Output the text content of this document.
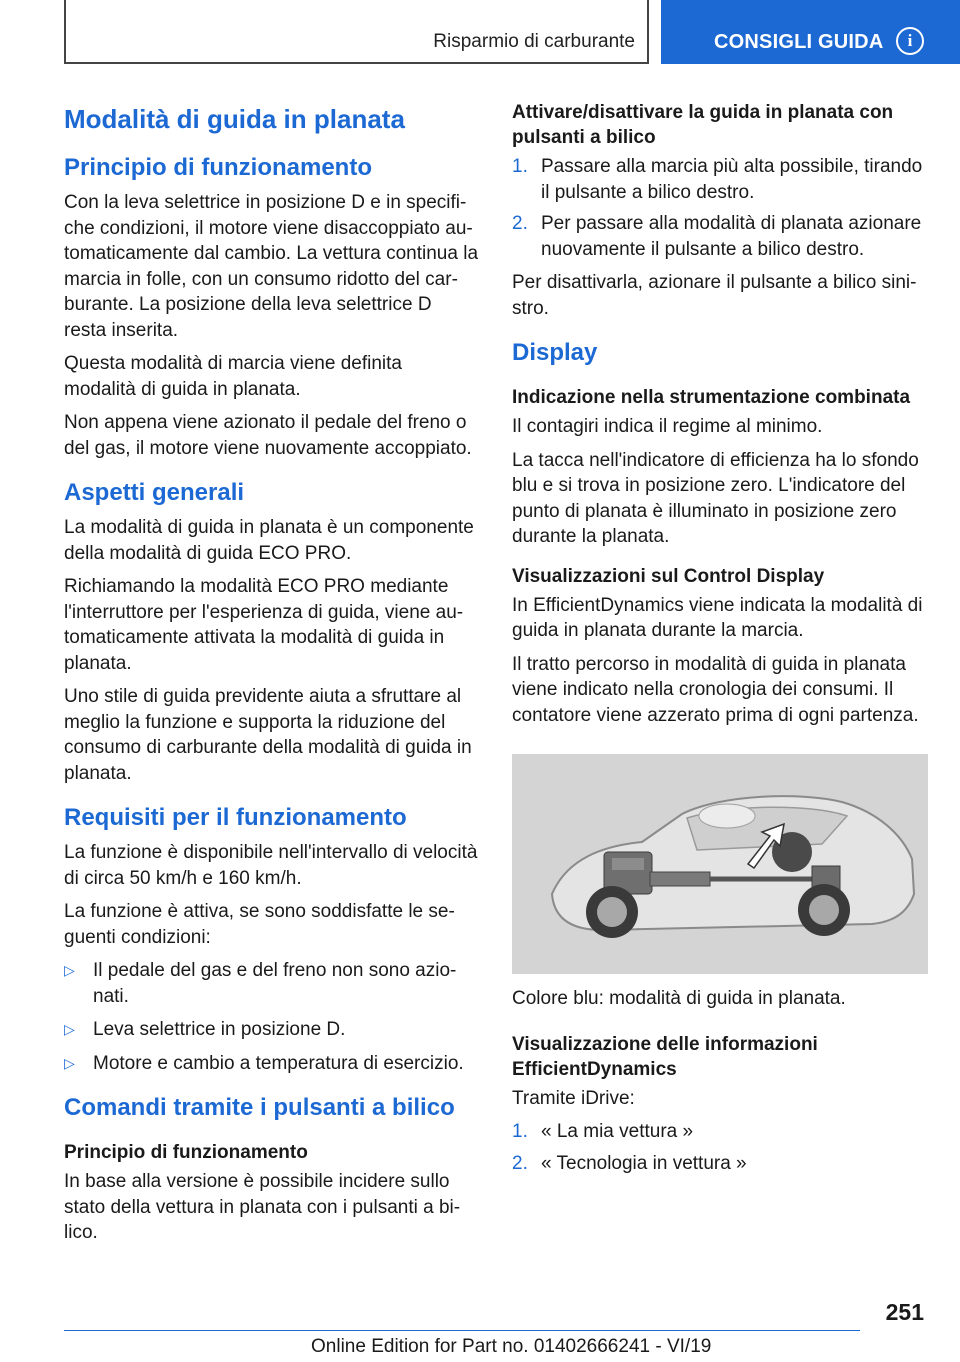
Risparmio di carburante	CONSIGLI GUIDA	i
Modalità di guida in planata
Principio di funzionamento

Con la leva selettrice in posizione D e in specifiche condizioni, il motore viene disaccoppiato automaticamente dal cambio. La vettura continua la marcia in folle, con un consumo ridotto del carburante. La posizione della leva selettrice D resta inserita.

Questa modalità di marcia viene definita modalità di guida in planata.

Non appena viene azionato il pedale del freno o del gas, il motore viene nuovamente accoppiato.

Aspetti generali

La modalità di guida in planata è un componente della modalità di guida ECO PRO.

Richiamando la modalità ECO PRO mediante l'interruttore per l'esperienza di guida, viene automaticamente attivata la modalità di guida in planata.

Uno stile di guida previdente aiuta a sfruttare al meglio la funzione e supporta la riduzione del consumo di carburante della modalità di guida in planata.

Requisiti per il funzionamento

La funzione è disponibile nell'intervallo di velocità di circa 50 km/h e 160 km/h.

La funzione è attiva, se sono soddisfatte le seguenti condizioni:

▷ Il pedale del gas e del freno non sono azionati.
▷ Leva selettrice in posizione D.
▷ Motore e cambio a temperatura di esercizio.
Comandi tramite i pulsanti a bilico
Principio di funzionamento

In base alla versione è possibile incidere sullo stato della vettura in planata con i pulsanti a bilico.

Attivare/disattivare la guida in planata con pulsanti a bilico
1. Passare alla marcia più alta possibile, tirando il pulsante a bilico destro.
2. Per passare alla modalità di planata azionare nuovamente il pulsante a bilico destro.

Per disattivarla, azionare il pulsante a bilico sinistro.

Display
Indicazione nella strumentazione combinata

Il contagiri indica il regime al minimo.

La tacca nell'indicatore di efficienza ha lo sfondo blu e si trova in posizione zero. L'indicatore del punto di planata è illuminato in posizione zero durante la planata.

Visualizzazioni sul Control Display

In EfficientDynamics viene indicata la modalità di guida in planata durante la marcia.

Il tratto percorso in modalità di guida in planata viene indicato nella cronologia dei consumi. Il contatore viene azzerato prima di ogni partenza.

Colore blu: modalità di guida in planata.

Visualizzazione delle informazioni EfficientDynamics

Tramite iDrive:

1. « La mia vettura »
2. « Tecnologia in vettura »
251
Online Edition for Part no. 01402666241 - VI/19
